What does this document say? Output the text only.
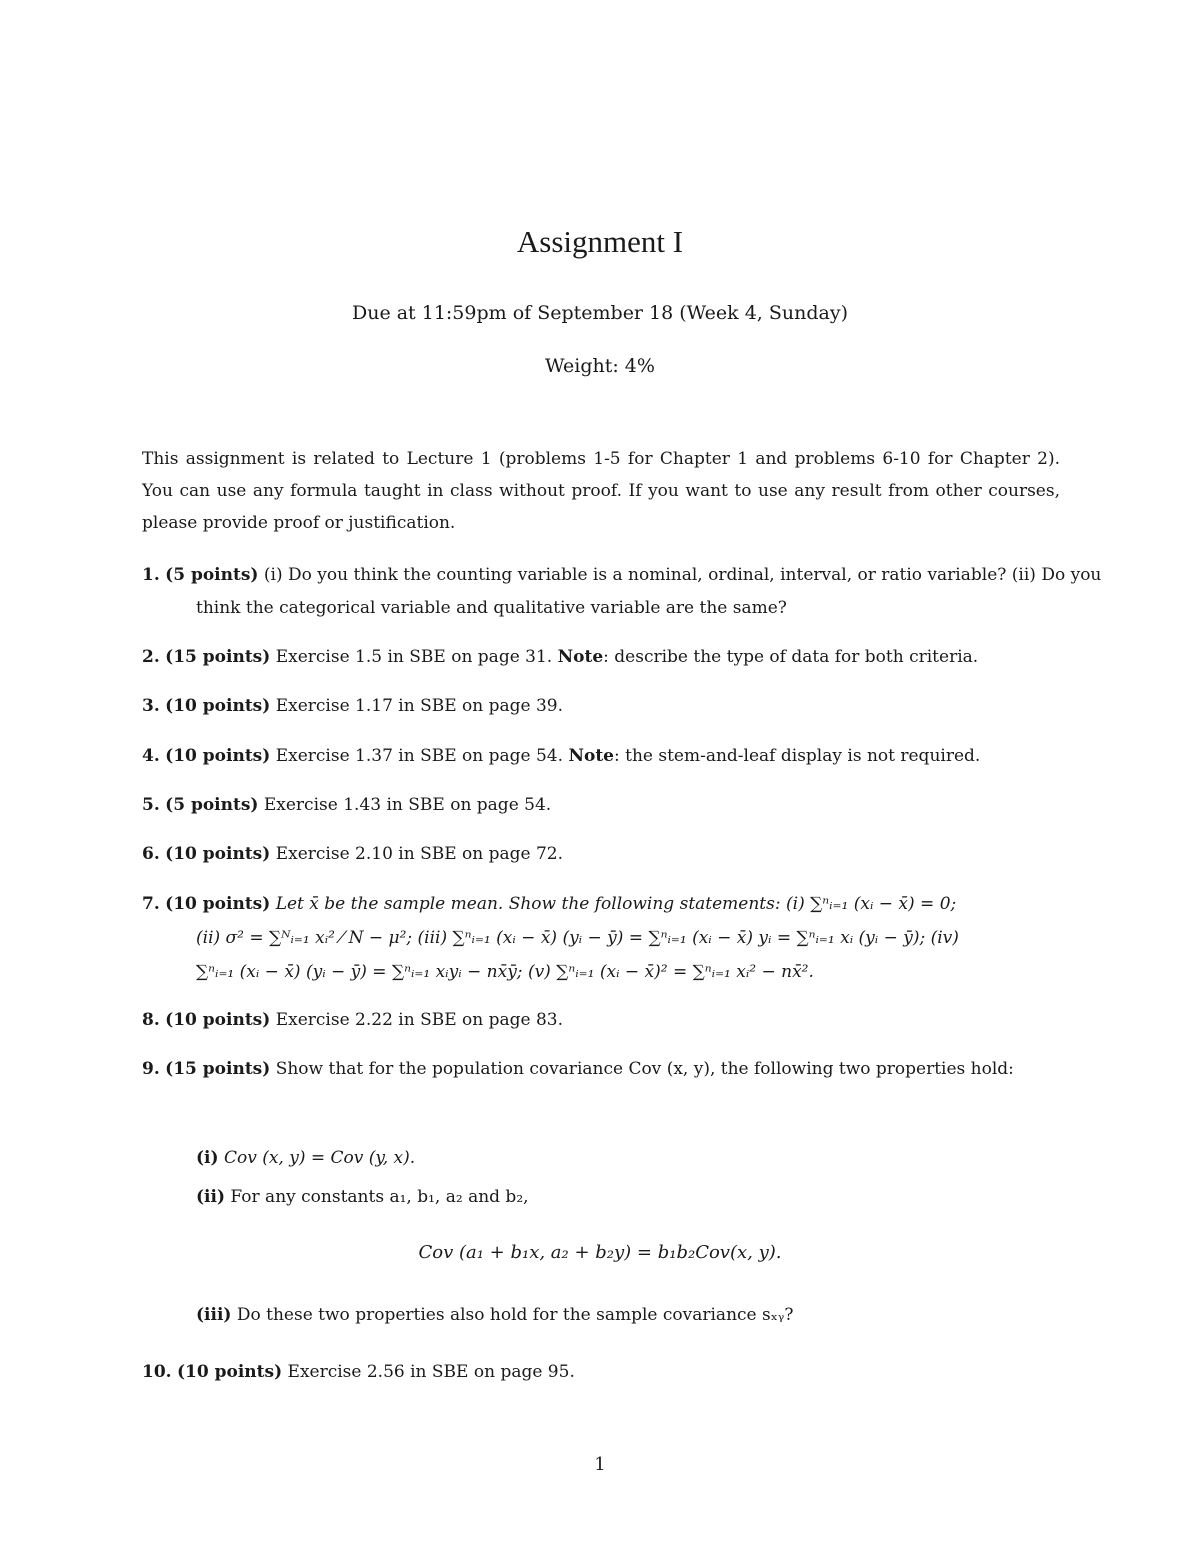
Assignment I
Due at 11:59pm of September 18 (Week 4, Sunday)
Weight: 4%
This assignment is related to Lecture 1 (problems 1-5 for Chapter 1 and problems 6-10 for Chapter 2). You can use any formula taught in class without proof. If you want to use any result from other courses, please provide proof or justification.
1. (5 points) (i) Do you think the counting variable is a nominal, ordinal, interval, or ratio variable? (ii) Do you think the categorical variable and qualitative variable are the same?
2. (15 points) Exercise 1.5 in SBE on page 31. Note: describe the type of data for both criteria.
3. (10 points) Exercise 1.17 in SBE on page 39.
4. (10 points) Exercise 1.37 in SBE on page 54. Note: the stem-and-leaf display is not required.
5. (5 points) Exercise 1.43 in SBE on page 54.
6. (10 points) Exercise 2.10 in SBE on page 72.
7. (10 points) Let x̄ be the sample mean. Show the following statements: (i) ∑ⁿᵢ₌₁ (xᵢ − x̄) = 0;
(ii) σ² = ∑ᴺᵢ₌₁ xᵢ² ⁄ N − μ²; (iii) ∑ⁿᵢ₌₁ (xᵢ − x̄) (yᵢ − ȳ) = ∑ⁿᵢ₌₁ (xᵢ − x̄) yᵢ = ∑ⁿᵢ₌₁ xᵢ (yᵢ − ȳ); (iv)
∑ⁿᵢ₌₁ (xᵢ − x̄) (yᵢ − ȳ) = ∑ⁿᵢ₌₁ xᵢyᵢ − nx̄ȳ; (v) ∑ⁿᵢ₌₁ (xᵢ − x̄)² = ∑ⁿᵢ₌₁ xᵢ² − nx̄².
8. (10 points) Exercise 2.22 in SBE on page 83.
9. (15 points) Show that for the population covariance Cov (x, y), the following two properties hold:
(i) Cov (x, y) = Cov (y, x).
(ii) For any constants a₁, b₁, a₂ and b₂,
Cov (a₁ + b₁x, a₂ + b₂y) = b₁b₂Cov(x, y).
(iii) Do these two properties also hold for the sample covariance sₓᵧ?
10. (10 points) Exercise 2.56 in SBE on page 95.
1
